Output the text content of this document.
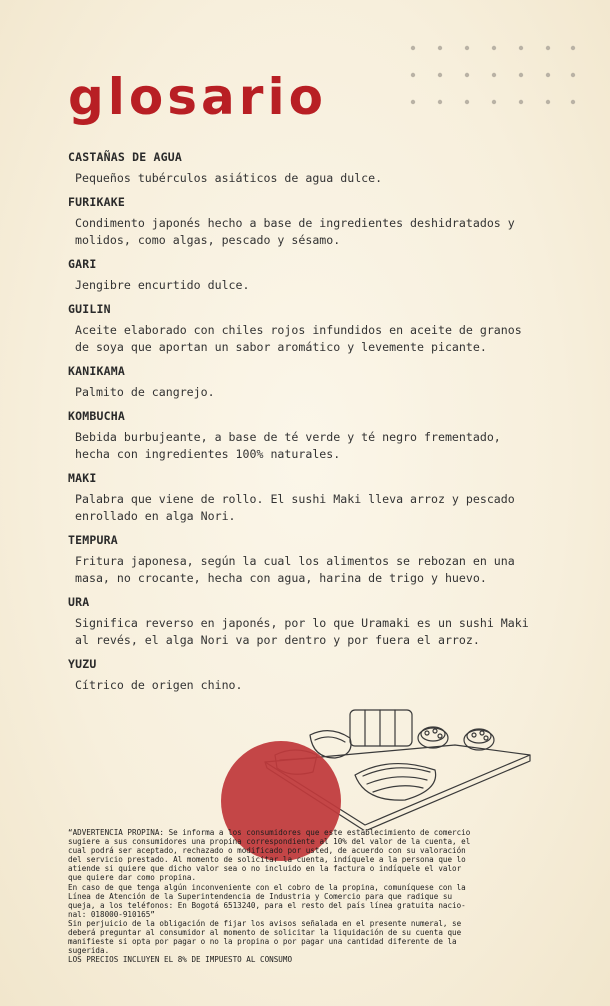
glosario
CASTAÑAS DE AGUA
Pequeños tubérculos asiáticos de agua dulce.
FURIKAKE
Condimento japonés hecho a base de ingredientes deshidratados y
molidos, como algas, pescado y sésamo.
GARI
Jengibre encurtido dulce.
GUILIN
Aceite elaborado con chiles rojos infundidos en aceite de granos
de soya que aportan un sabor aromático y levemente picante.
KANIKAMA
Palmito de cangrejo.
KOMBUCHA
Bebida burbujeante, a base de té verde y té negro frementado,
hecha con ingredientes 100% naturales.
MAKI
Palabra que viene de rollo. El sushi Maki lleva arroz y pescado
enrollado en alga Nori.
TEMPURA
Fritura japonesa, según la cual los alimentos se rebozan en una
masa, no crocante, hecha con agua, harina de trigo y huevo.
URA
Significa reverso en japonés, por lo que Uramaki es un sushi Maki
al revés, el alga Nori va por dentro y por fuera el arroz.
YUZU
Cítrico de origen chino.
“ADVERTENCIA PROPINA: Se informa a los consumidores que este establecimiento de comercio
sugiere a sus consumidores una propina correspondiente al 10% del valor de la cuenta, el
cual podrá ser aceptado, rechazado o modificado por usted, de acuerdo con su valoración
del servicio prestado. Al momento de solicitar la cuenta, indíquele a la persona que lo
atiende si quiere que dicho valor sea o no incluido en la factura o indíquele el valor
que quiere dar como propina.
En caso de que tenga algún inconveniente con el cobro de la propina, comuníquese con la
Línea de Atención de la Superintendencia de Industria y Comercio para que radique su
queja, a los teléfonos: En Bogotá 6513240, para el resto del país línea gratuita nacio-
nal: 018000-910165”
Sin perjuicio de la obligación de fijar los avisos señalada en el presente numeral, se
deberá preguntar al consumidor al momento de solicitar la liquidación de su cuenta que
manifieste si opta por pagar o no la propina o por pagar una cantidad diferente de la
sugerida.
LOS PRECIOS INCLUYEN EL 8% DE IMPUESTO AL CONSUMO
